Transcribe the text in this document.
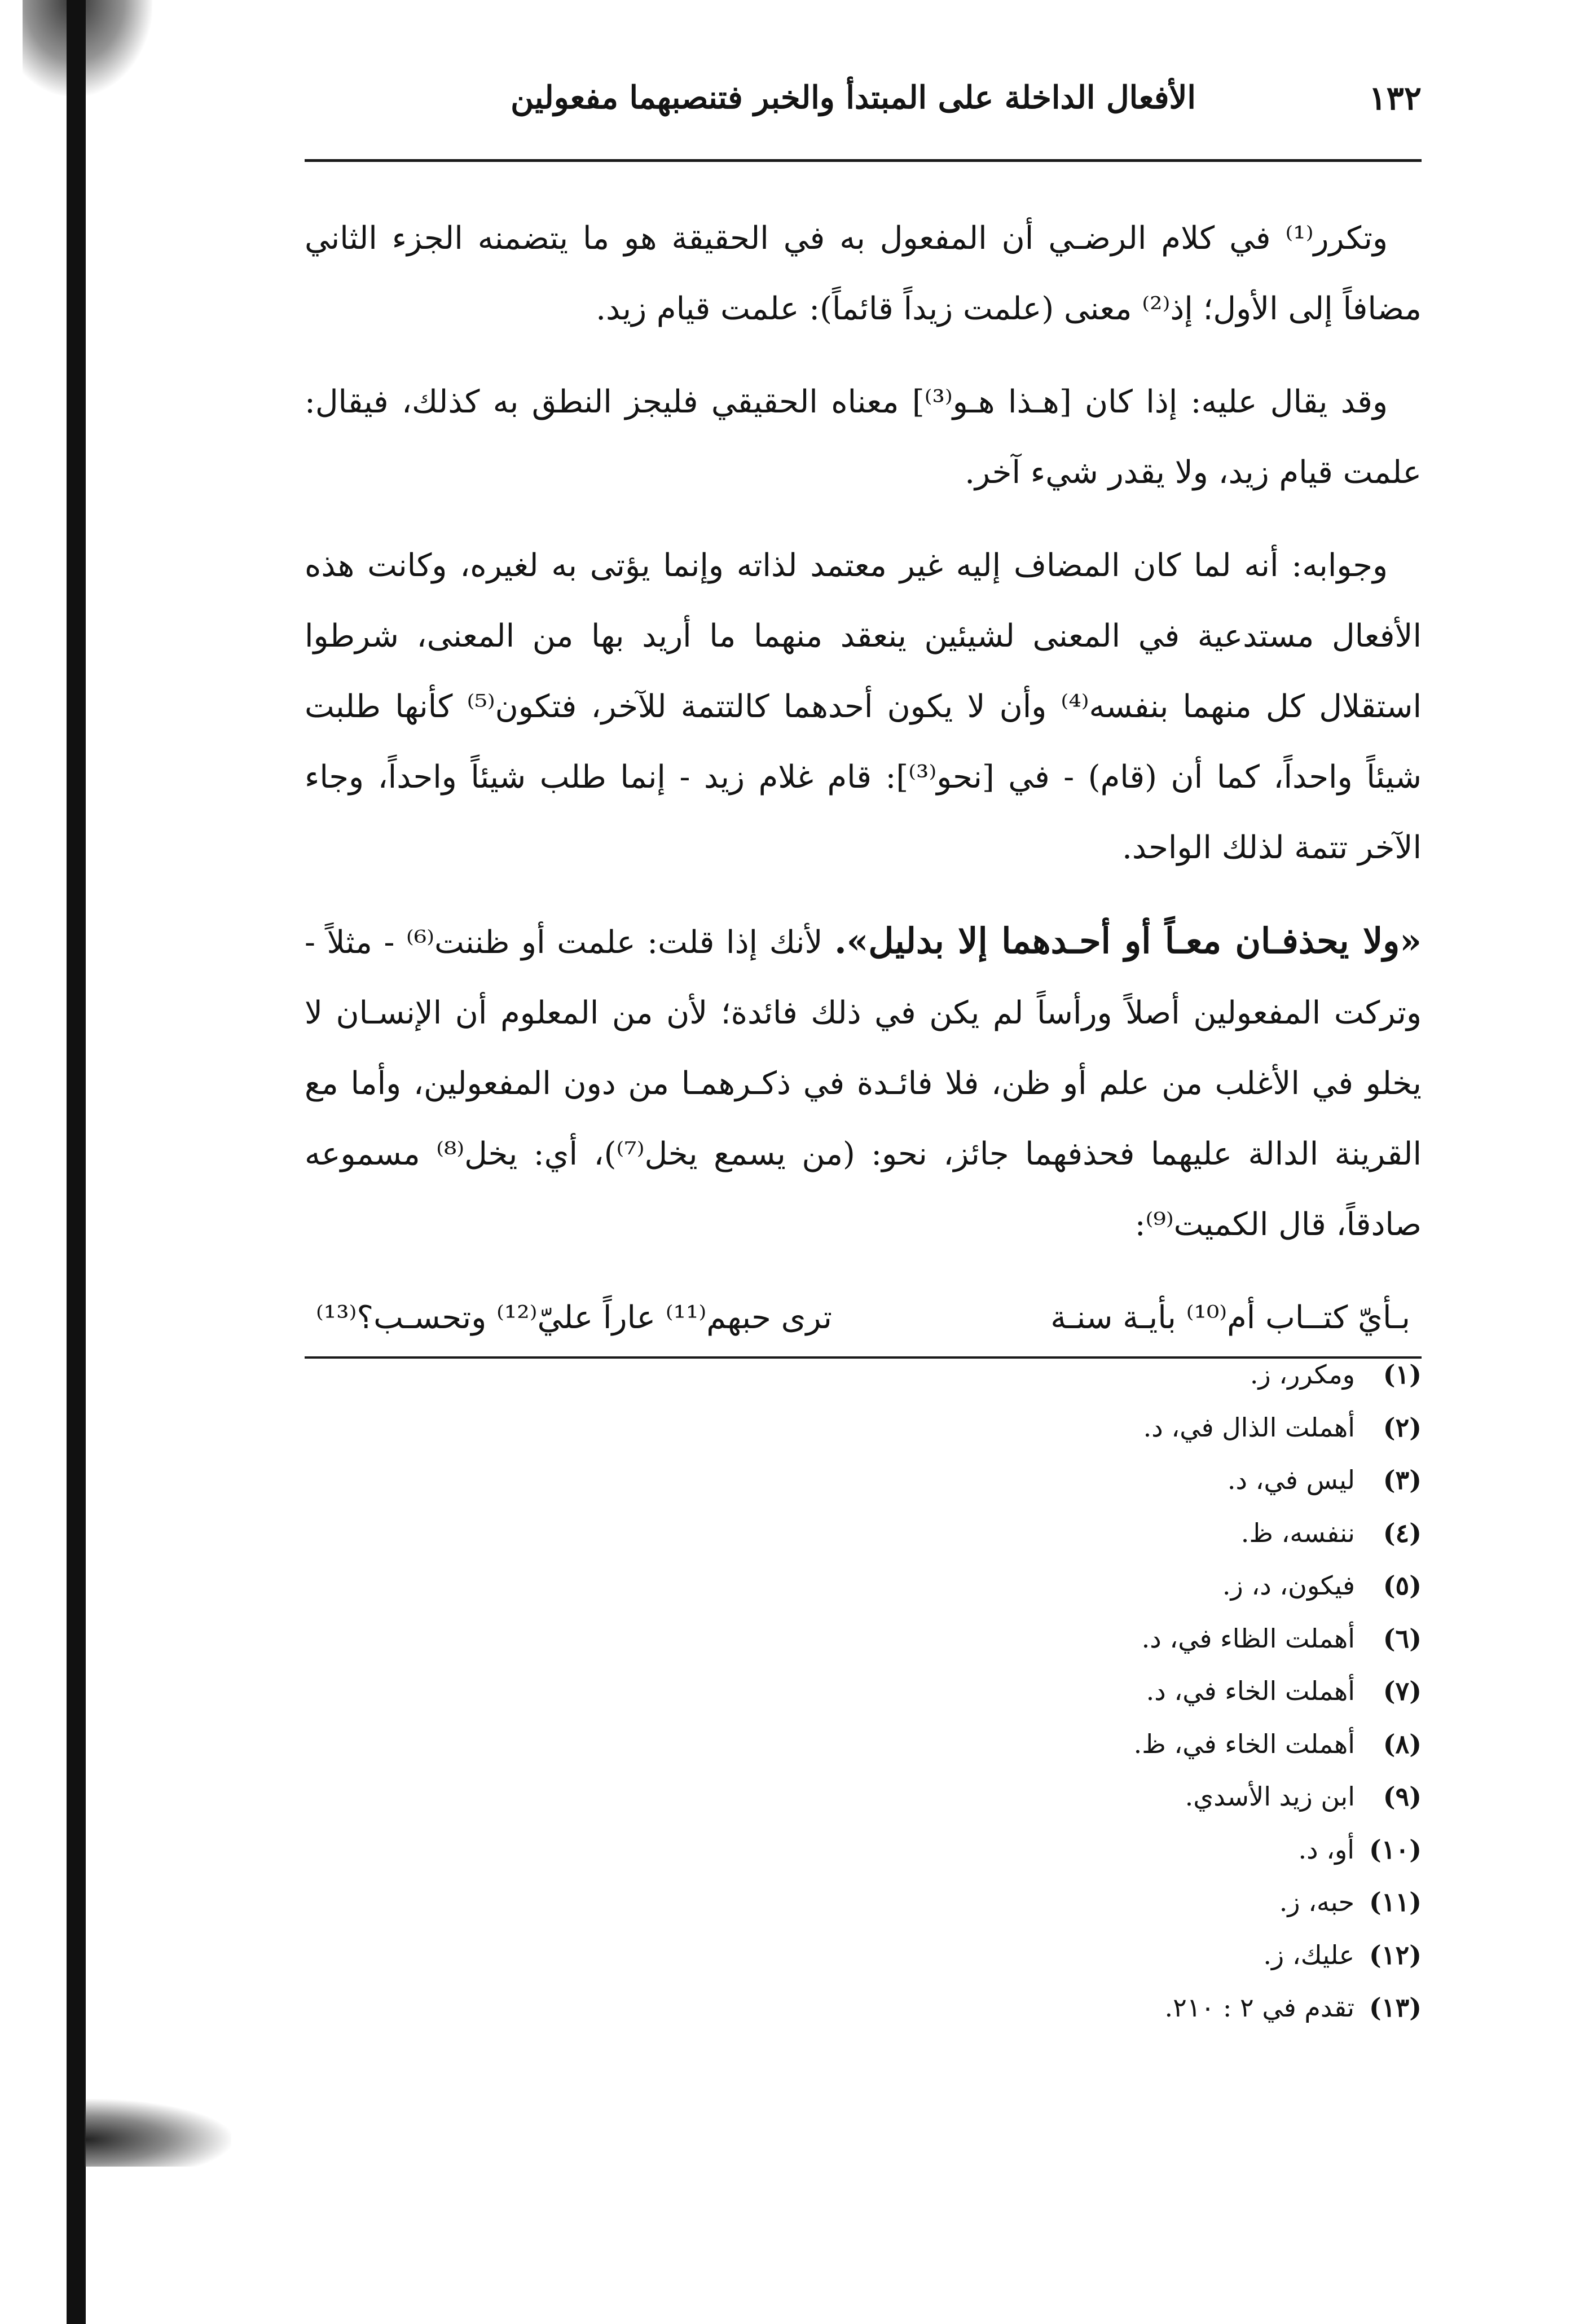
١٣٢
الأفعال الداخلة على المبتدأ والخبر فتنصبهما مفعولين

وتكرر⁽¹⁾ في كلام الرضـي أن المفعول به في الحقيقة هو ما يتضمنه الجزء الثاني مضافاً إلى الأول؛ إذ⁽²⁾ معنى (علمت زيداً قائماً): علمت قيام زيد.

وقد يقال عليه: إذا كان [هـذا هـو⁽³⁾] معناه الحقيقي فليجز النطق به كذلك، فيقال: علمت قيام زيد، ولا يقدر شيء آخر.

وجوابه: أنه لما كان المضاف إليه غير معتمد لذاته وإنما يؤتى به لغيره، وكانت هذه الأفعال مستدعية في المعنى لشيئين ينعقد منهما ما أريد بها من المعنى، شرطوا استقلال كل منهما بنفسه⁽⁴⁾ وأن لا يكون أحدهما كالتتمة للآخر، فتكون⁽⁵⁾ كأنها طلبت شيئاً واحداً، كما أن (قام) - في [نحو⁽³⁾]: قام غلام زيد - إنما طلب شيئاً واحداً، وجاء الآخر تتمة لذلك الواحد.

«ولا يحذفـان معـاً أو أحـدهما إلا بدليل». لأنك إذا قلت: علمت أو ظننت⁽⁶⁾ - مثلاً - وتركت المفعولين أصلاً ورأساً لم يكن في ذلك فائدة؛ لأن من المعلوم أن الإنسـان لا يخلو في الأغلب من علم أو ظن، فلا فائـدة في ذكـرهمـا من دون المفعولين، وأما مع القرينة الدالة عليهما فحذفهما جائز، نحو: (من يسمع يخل⁽⁷⁾)، أي: يخل⁽⁸⁾ مسموعه صادقاً، قال الكميت⁽⁹⁾:

بـأيّ كتــاب أم⁽¹⁰⁾ بأيـة سنـة
ترى حبهم⁽¹¹⁾ عاراً عليّ⁽¹²⁾ وتحسـب؟⁽¹³⁾
(١)
ومكرر، ز.
(٢)
أهملت الذال في، د.
(٣)
ليس في، د.
(٤)
ننفسه، ظ.
(٥)
فيكون، د، ز.
(٦)
أهملت الظاء في، د.
(٧)
أهملت الخاء في، د.
(٨)
أهملت الخاء في، ظ.
(٩)
ابن زيد الأسدي.
(١٠)
أو، د.
(١١)
حبه، ز.
(١٢)
عليك، ز.
(١٣)
تقدم في ٢ : ٢١٠.
